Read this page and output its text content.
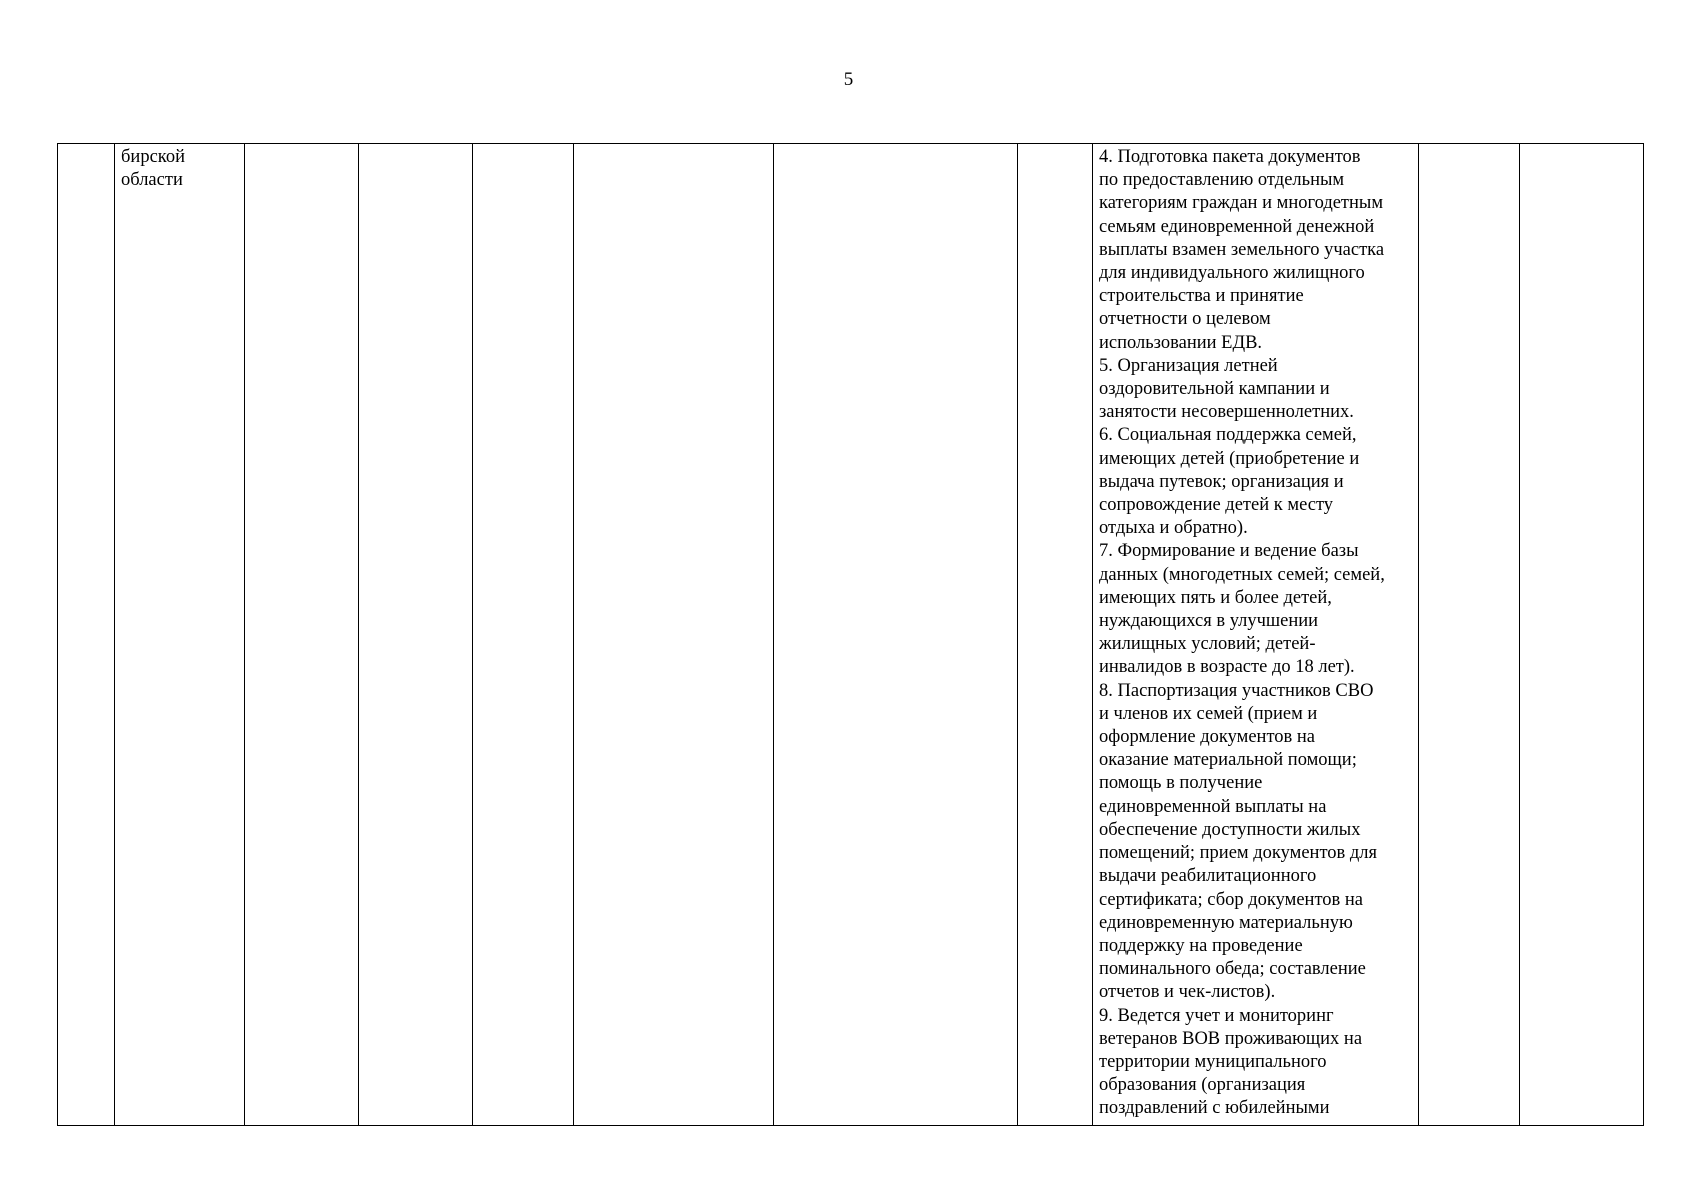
5

бирской
области

4. Подготовка пакета документов
по предоставлению отдельным
категориям граждан и многодетным
семьям единовременной денежной
выплаты взамен земельного участка
для индивидуального жилищного
строительства и принятие
отчетности о целевом
использовании ЕДВ.
5. Организация летней
оздоровительной кампании и
занятости несовершеннолетних.
6. Социальная поддержка семей,
имеющих детей (приобретение и
выдача путевок; организация и
сопровождение детей к месту
отдыха и обратно).
7. Формирование и ведение базы
данных (многодетных семей; семей,
имеющих пять и более детей,
нуждающихся в улучшении
жилищных условий; детей-
инвалидов в возрасте до 18 лет).
8. Паспортизация участников СВО
и членов их семей (прием и
оформление документов на
оказание материальной помощи;
помощь в получение
единовременной выплаты на
обеспечение доступности жилых
помещений; прием документов для
выдачи реабилитационного
сертификата; сбор документов на
единовременную материальную
поддержку на проведение
поминального обеда; составление
отчетов и чек-листов).
9. Ведется учет и мониторинг
ветеранов ВОВ проживающих на
территории муниципального
образования (организация
поздравлений с юбилейными
